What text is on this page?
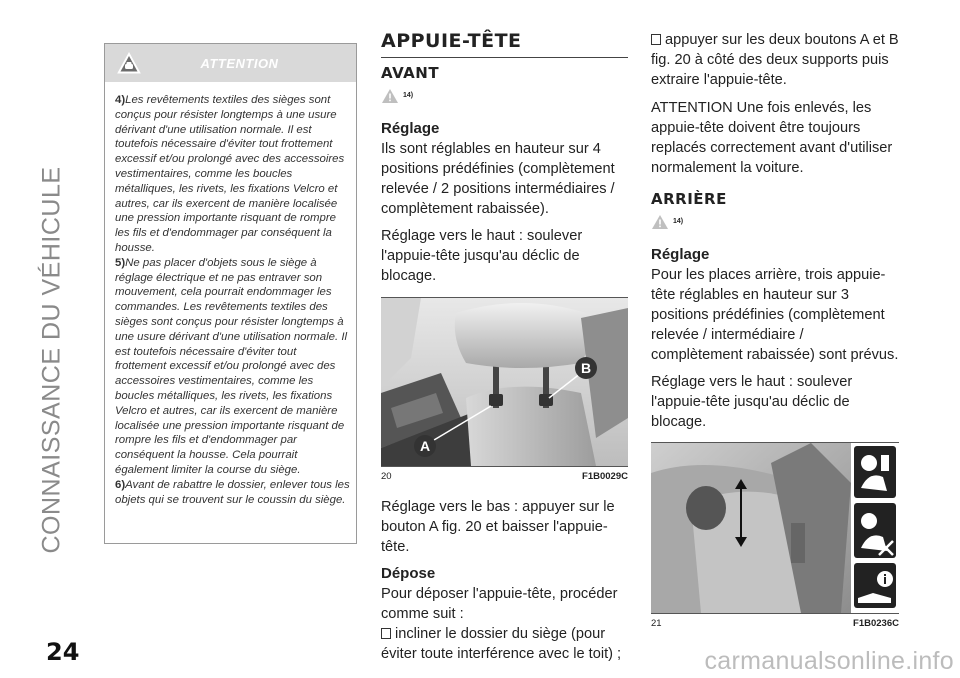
CONNAISSANCE DU VÉHICULE
24	carmanualsonline.info
ATTENTION
4)Les revêtements textiles des sièges sont conçus pour résister longtemps à une usure dérivant d'une utilisation normale. Il est toutefois nécessaire d'éviter tout frottement excessif et/ou prolongé avec des accessoires vestimentaires, comme les boucles métalliques, les rivets, les fixations Velcro et autres, car ils exercent de manière localisée une pression importante risquant de rompre les fils et d'endommager par conséquent la housse.
5)Ne pas placer d'objets sous le siège à réglage électrique et ne pas entraver son mouvement, cela pourrait endommager les commandes. Les revêtements textiles des sièges sont conçus pour résister longtemps à une usure dérivant d'une utilisation normale. Il est toutefois nécessaire d'éviter tout frottement excessif et/ou prolongé avec des accessoires vestimentaires, comme les boucles métalliques, les rivets, les fixations Velcro et autres, car ils exercent de manière localisée une pression importante risquant de rompre les fils et d'endommager par conséquent la housse. Cela pourrait également limiter la course du siège.
6)Avant de rabattre le dossier, enlever tous les objets qui se trouvent sur le coussin du siège.
APPUIE-TÊTE
AVANT
14)
Réglage
Ils sont réglables en hauteur sur 4 positions prédéfinies (complètement relevée / 2 positions intermédiaires / complètement rabaissée).
Réglage vers le haut : soulever l'appuie-tête jusqu'au déclic de blocage.
A
B
20	F1B0029C
Réglage vers le bas : appuyer sur le bouton A fig. 20 et baisser l'appuie-tête.
Dépose
Pour déposer l'appuie-tête, procéder comme suit :
incliner le dossier du siège (pour éviter toute interférence avec le toit) ;
appuyer sur les deux boutons A et B fig. 20 à côté des deux supports puis extraire l'appuie-tête.
ATTENTION Une fois enlevés, les appuie-tête doivent être toujours replacés correctement avant d'utiliser normalement la voiture.
ARRIÈRE
14)
Réglage
Pour les places arrière, trois appuie-tête réglables en hauteur sur 3 positions prédéfinies (complètement relevée / intermédiaire / complètement rabaissée) sont prévus.
Réglage vers le haut : soulever l'appuie-tête jusqu'au déclic de blocage.
21	F1B0236C
